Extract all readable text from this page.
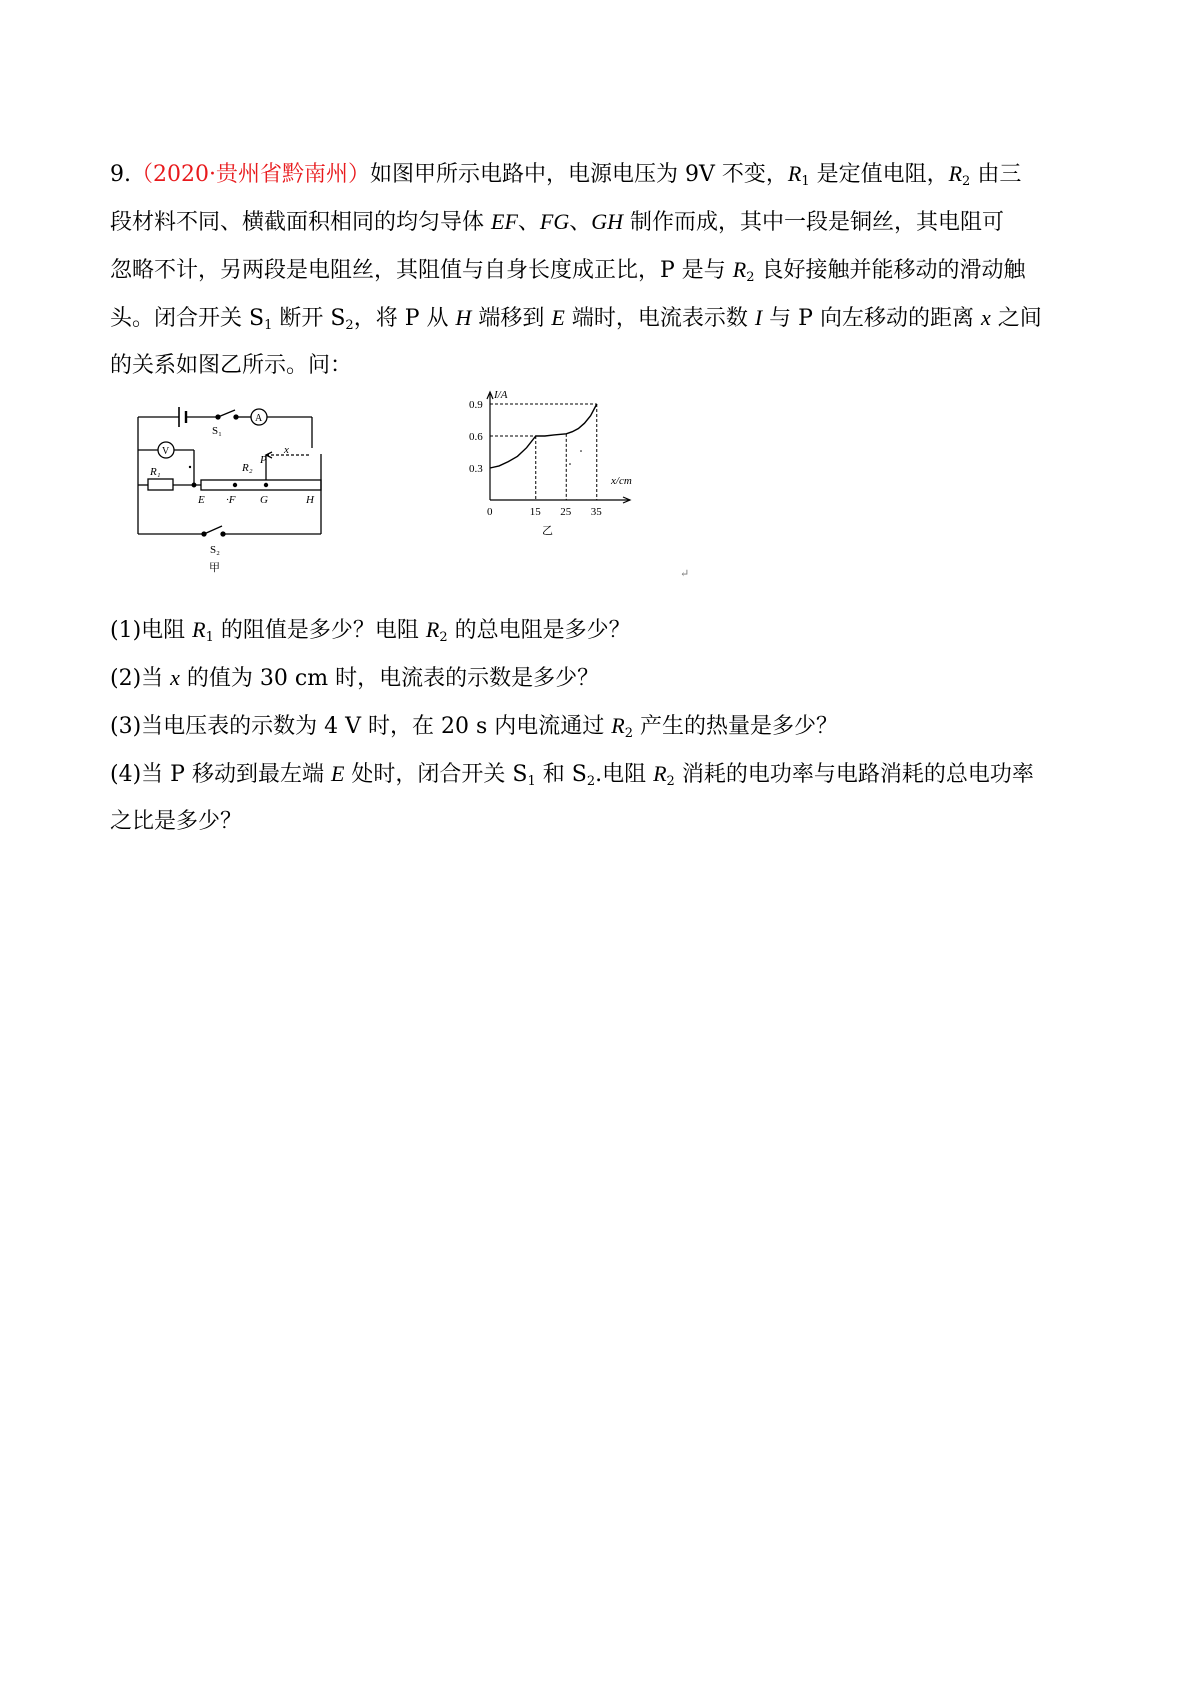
9.（2020·贵州省黔南州）如图甲所示电路中，电源电压为 9V 不变，$R_1$ 是定值电阻，$R_2$ 由三
段材料不同、横截面积相同的均匀导体 EF、FG、GH 制作而成，其中一段是铜丝，其电阻可
忽略不计，另两段是电阻丝，其阻值与自身长度成正比，P 是与 $R_2$ 良好接触并能移动的滑动触
头。闭合开关 $S_1$ 断开 $S_2$，将 P 从 H 端移到 E 端时，电流表示数 I 与 P 向左移动的距离 x 之间
的关系如图乙所示。问：
S₁
A
V
R₁	R₂
P
x
E ·F G	H
S₂
甲
I/A
x/cm
0
0.3
0.6
0.9
15 25 35
乙
↵
(1)电阻 $R_1$ 的阻值是多少？电阻 $R_2$ 的总电阻是多少？
(2)当 x 的值为 30 cm 时，电流表的示数是多少？
(3)当电压表的示数为 4 V 时，在 20 s 内电流通过 $R_2$ 产生的热量是多少？
(4)当 P 移动到最左端 E 处时，闭合开关 $S_1$ 和 $S_2$.电阻 $R_2$ 消耗的电功率与电路消耗的总电功率
之比是多少？
